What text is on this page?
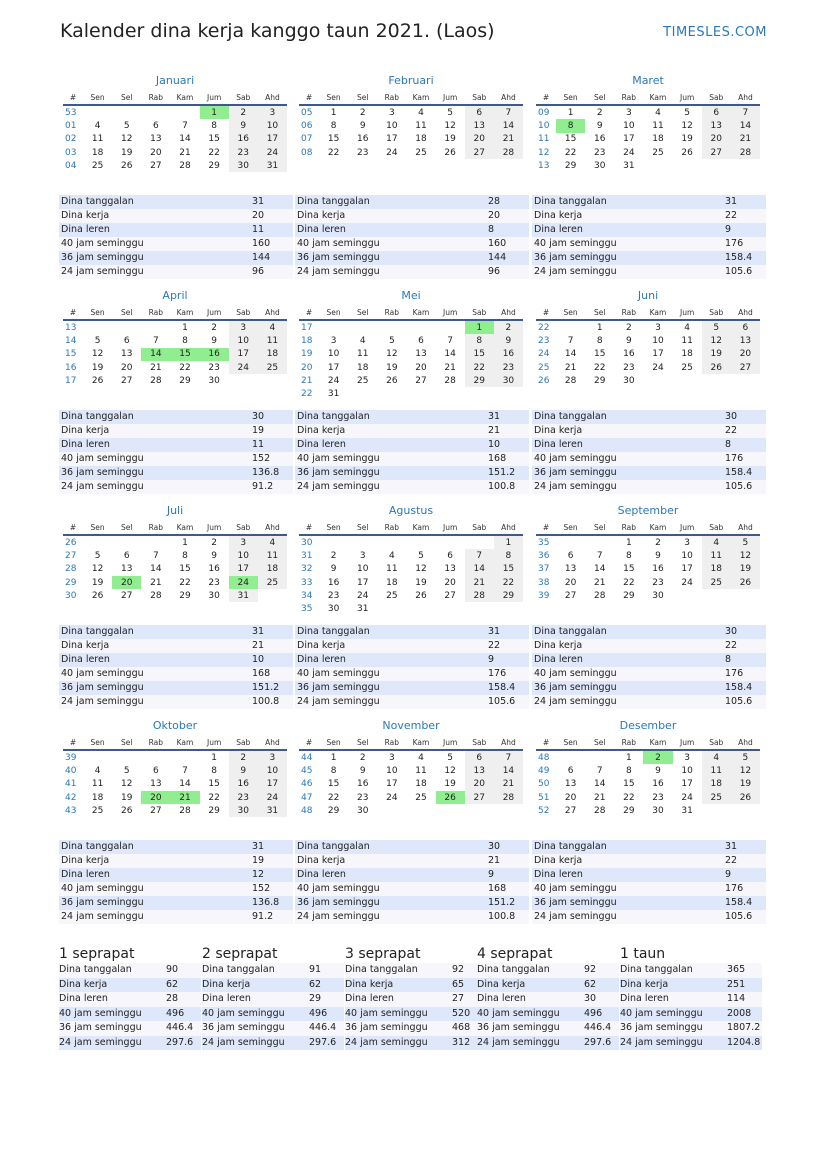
Kalender dina kerja kanggo taun 2021. (Laos)	TIMESLES.COM
Januari
#	Sen	Sel	Rab	Kam	Jum	Sab	Ahd
53					1	2	3
01	4	5	6	7	8	9	10
02	11	12	13	14	15	16	17
03	18	19	20	21	22	23	24
04	25	26	27	28	29	30	31
Dina tanggalan	31
Dina kerja	20
Dina leren	11
40 jam seminggu	160
36 jam seminggu	144
24 jam seminggu	96
Februari
#	Sen	Sel	Rab	Kam	Jum	Sab	Ahd
05	1	2	3	4	5	6	7
06	8	9	10	11	12	13	14
07	15	16	17	18	19	20	21
08	22	23	24	25	26	27	28
Dina tanggalan	28
Dina kerja	20
Dina leren	8
40 jam seminggu	160
36 jam seminggu	144
24 jam seminggu	96
Maret
#	Sen	Sel	Rab	Kam	Jum	Sab	Ahd
09	1	2	3	4	5	6	7
10	8	9	10	11	12	13	14
11	15	16	17	18	19	20	21
12	22	23	24	25	26	27	28
13	29	30	31				
Dina tanggalan	31
Dina kerja	22
Dina leren	9
40 jam seminggu	176
36 jam seminggu	158.4
24 jam seminggu	105.6
April
#	Sen	Sel	Rab	Kam	Jum	Sab	Ahd
13				1	2	3	4
14	5	6	7	8	9	10	11
15	12	13	14	15	16	17	18
16	19	20	21	22	23	24	25
17	26	27	28	29	30		
Dina tanggalan	30
Dina kerja	19
Dina leren	11
40 jam seminggu	152
36 jam seminggu	136.8
24 jam seminggu	91.2
Mei
#	Sen	Sel	Rab	Kam	Jum	Sab	Ahd
17						1	2
18	3	4	5	6	7	8	9
19	10	11	12	13	14	15	16
20	17	18	19	20	21	22	23
21	24	25	26	27	28	29	30
22	31						
Dina tanggalan	31
Dina kerja	21
Dina leren	10
40 jam seminggu	168
36 jam seminggu	151.2
24 jam seminggu	100.8
Juni
#	Sen	Sel	Rab	Kam	Jum	Sab	Ahd
22		1	2	3	4	5	6
23	7	8	9	10	11	12	13
24	14	15	16	17	18	19	20
25	21	22	23	24	25	26	27
26	28	29	30				
Dina tanggalan	30
Dina kerja	22
Dina leren	8
40 jam seminggu	176
36 jam seminggu	158.4
24 jam seminggu	105.6
Juli
#	Sen	Sel	Rab	Kam	Jum	Sab	Ahd
26				1	2	3	4
27	5	6	7	8	9	10	11
28	12	13	14	15	16	17	18
29	19	20	21	22	23	24	25
30	26	27	28	29	30	31	
Dina tanggalan	31
Dina kerja	21
Dina leren	10
40 jam seminggu	168
36 jam seminggu	151.2
24 jam seminggu	100.8
Agustus
#	Sen	Sel	Rab	Kam	Jum	Sab	Ahd
30							1
31	2	3	4	5	6	7	8
32	9	10	11	12	13	14	15
33	16	17	18	19	20	21	22
34	23	24	25	26	27	28	29
35	30	31					
Dina tanggalan	31
Dina kerja	22
Dina leren	9
40 jam seminggu	176
36 jam seminggu	158.4
24 jam seminggu	105.6
September
#	Sen	Sel	Rab	Kam	Jum	Sab	Ahd
35			1	2	3	4	5
36	6	7	8	9	10	11	12
37	13	14	15	16	17	18	19
38	20	21	22	23	24	25	26
39	27	28	29	30			
Dina tanggalan	30
Dina kerja	22
Dina leren	8
40 jam seminggu	176
36 jam seminggu	158.4
24 jam seminggu	105.6
Oktober
#	Sen	Sel	Rab	Kam	Jum	Sab	Ahd
39					1	2	3
40	4	5	6	7	8	9	10
41	11	12	13	14	15	16	17
42	18	19	20	21	22	23	24
43	25	26	27	28	29	30	31
Dina tanggalan	31
Dina kerja	19
Dina leren	12
40 jam seminggu	152
36 jam seminggu	136.8
24 jam seminggu	91.2
November
#	Sen	Sel	Rab	Kam	Jum	Sab	Ahd
44	1	2	3	4	5	6	7
45	8	9	10	11	12	13	14
46	15	16	17	18	19	20	21
47	22	23	24	25	26	27	28
48	29	30					
Dina tanggalan	30
Dina kerja	21
Dina leren	9
40 jam seminggu	168
36 jam seminggu	151.2
24 jam seminggu	100.8
Desember
#	Sen	Sel	Rab	Kam	Jum	Sab	Ahd
48			1	2	3	4	5
49	6	7	8	9	10	11	12
50	13	14	15	16	17	18	19
51	20	21	22	23	24	25	26
52	27	28	29	30	31		
Dina tanggalan	31
Dina kerja	22
Dina leren	9
40 jam seminggu	176
36 jam seminggu	158.4
24 jam seminggu	105.6
1 seprapat
Dina tanggalan	90
Dina kerja	62
Dina leren	28
40 jam seminggu	496
36 jam seminggu	446.4
24 jam seminggu	297.6
2 seprapat
Dina tanggalan	91
Dina kerja	62
Dina leren	29
40 jam seminggu	496
36 jam seminggu	446.4
24 jam seminggu	297.6
3 seprapat
Dina tanggalan	92
Dina kerja	65
Dina leren	27
40 jam seminggu	520
36 jam seminggu	468
24 jam seminggu	312
4 seprapat
Dina tanggalan	92
Dina kerja	62
Dina leren	30
40 jam seminggu	496
36 jam seminggu	446.4
24 jam seminggu	297.6
1 taun
Dina tanggalan	365
Dina kerja	251
Dina leren	114
40 jam seminggu	2008
36 jam seminggu	1807.2
24 jam seminggu	1204.8
